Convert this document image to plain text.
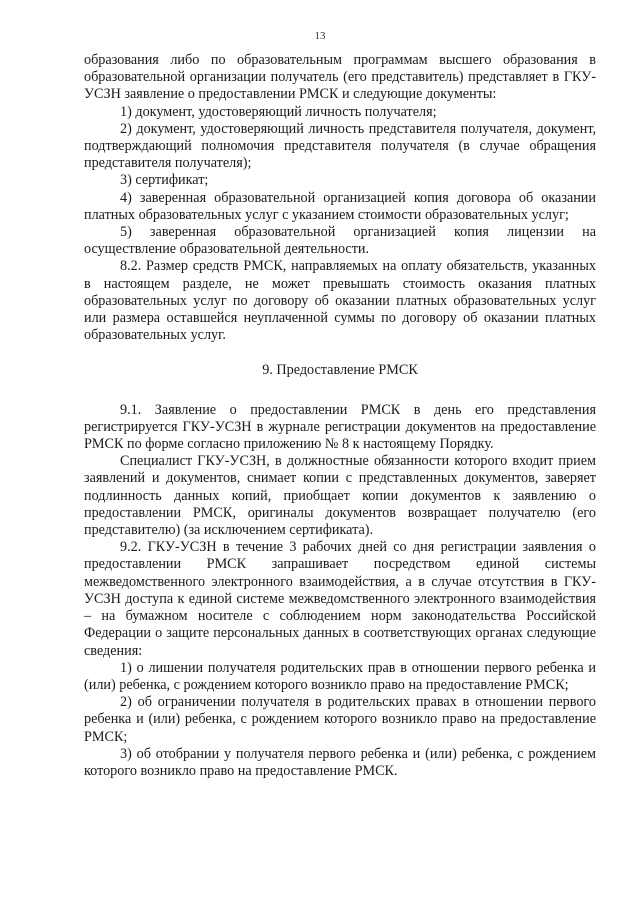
13

образования либо по образовательным программам высшего образования в образовательной организации получатель (его представитель) представляет в ГКУ-УСЗН заявление о предоставлении РМСК и следующие документы:

1) документ, удостоверяющий личность получателя;

2) документ, удостоверяющий личность представителя получателя, документ, подтверждающий полномочия представителя получателя (в случае обращения представителя получателя);

3) сертификат;

4) заверенная образовательной организацией копия договора об оказании платных образовательных услуг с указанием стоимости образовательных услуг;

5) заверенная образовательной организацией копия лицензии на осуществление образовательной деятельности.

8.2. Размер средств РМСК, направляемых на оплату обязательств, указанных в настоящем разделе, не может превышать стоимость оказания платных образовательных услуг по договору об оказании платных образовательных услуг или размера оставшейся неуплаченной суммы по договору об оказании платных образовательных услуг.

9. Предоставление РМСК

9.1. Заявление о предоставлении РМСК в день его представления регистрируется ГКУ-УСЗН в журнале регистрации документов на предоставление РМСК по форме согласно приложению № 8 к настоящему Порядку.

Специалист ГКУ-УСЗН, в должностные обязанности которого входит прием заявлений и документов, снимает копии с представленных документов, заверяет подлинность данных копий, приобщает копии документов к заявлению о предоставлении РМСК, оригиналы документов возвращает получателю (его представителю) (за исключением сертификата).

9.2. ГКУ-УСЗН в течение 3 рабочих дней со дня регистрации заявления о предоставлении РМСК запрашивает посредством единой системы межведомственного электронного взаимодействия, а в случае отсутствия в ГКУ-УСЗН доступа к единой системе межведомственного электронного взаимодействия – на бумажном носителе с соблюдением норм законодательства Российской Федерации о защите персональных данных в соответствующих органах следующие сведения:

1) о лишении получателя родительских прав в отношении первого ребенка и (или) ребенка, с рождением которого возникло право на предоставление РМСК;

2) об ограничении получателя в родительских правах в отношении первого ребенка и (или) ребенка, с рождением которого возникло право на предоставление РМСК;

3) об отобрании у получателя первого ребенка и (или) ребенка, с рождением которого возникло право на предоставление РМСК.
